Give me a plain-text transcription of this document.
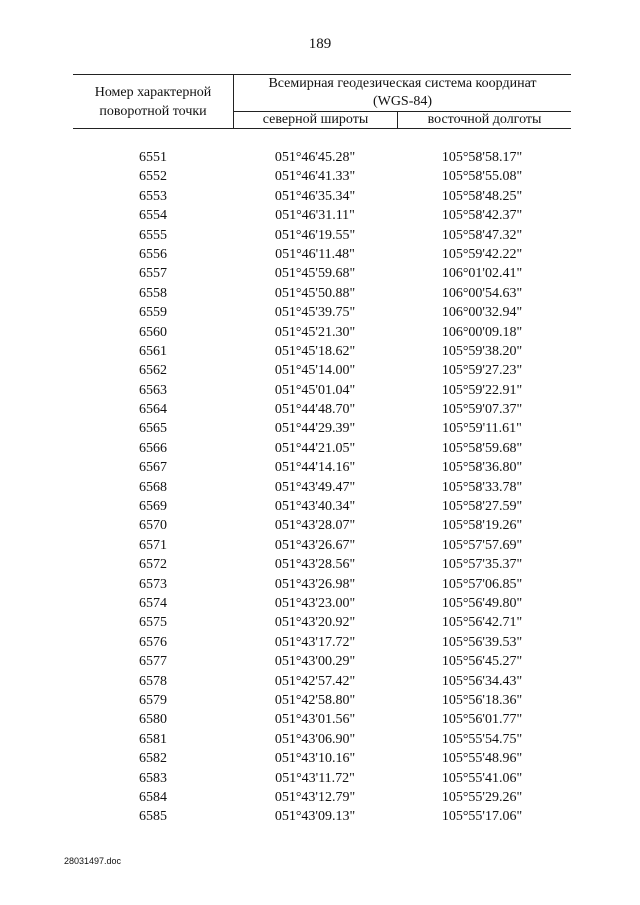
189
Номер характерной
поворотной точки
Всемирная геодезическая система координат
(WGS-84)
северной широты	восточной долготы
6551	051°46'45.28"	105°58'58.17"
6552	051°46'41.33"	105°58'55.08"
6553	051°46'35.34"	105°58'48.25"
6554	051°46'31.11"	105°58'42.37"
6555	051°46'19.55"	105°58'47.32"
6556	051°46'11.48"	105°59'42.22"
6557	051°45'59.68"	106°01'02.41"
6558	051°45'50.88"	106°00'54.63"
6559	051°45'39.75"	106°00'32.94"
6560	051°45'21.30"	106°00'09.18"
6561	051°45'18.62"	105°59'38.20"
6562	051°45'14.00"	105°59'27.23"
6563	051°45'01.04"	105°59'22.91"
6564	051°44'48.70"	105°59'07.37"
6565	051°44'29.39"	105°59'11.61"
6566	051°44'21.05"	105°58'59.68"
6567	051°44'14.16"	105°58'36.80"
6568	051°43'49.47"	105°58'33.78"
6569	051°43'40.34"	105°58'27.59"
6570	051°43'28.07"	105°58'19.26"
6571	051°43'26.67"	105°57'57.69"
6572	051°43'28.56"	105°57'35.37"
6573	051°43'26.98"	105°57'06.85"
6574	051°43'23.00"	105°56'49.80"
6575	051°43'20.92"	105°56'42.71"
6576	051°43'17.72"	105°56'39.53"
6577	051°43'00.29"	105°56'45.27"
6578	051°42'57.42"	105°56'34.43"
6579	051°42'58.80"	105°56'18.36"
6580	051°43'01.56"	105°56'01.77"
6581	051°43'06.90"	105°55'54.75"
6582	051°43'10.16"	105°55'48.96"
6583	051°43'11.72"	105°55'41.06"
6584	051°43'12.79"	105°55'29.26"
6585	051°43'09.13"	105°55'17.06"
28031497.doc
